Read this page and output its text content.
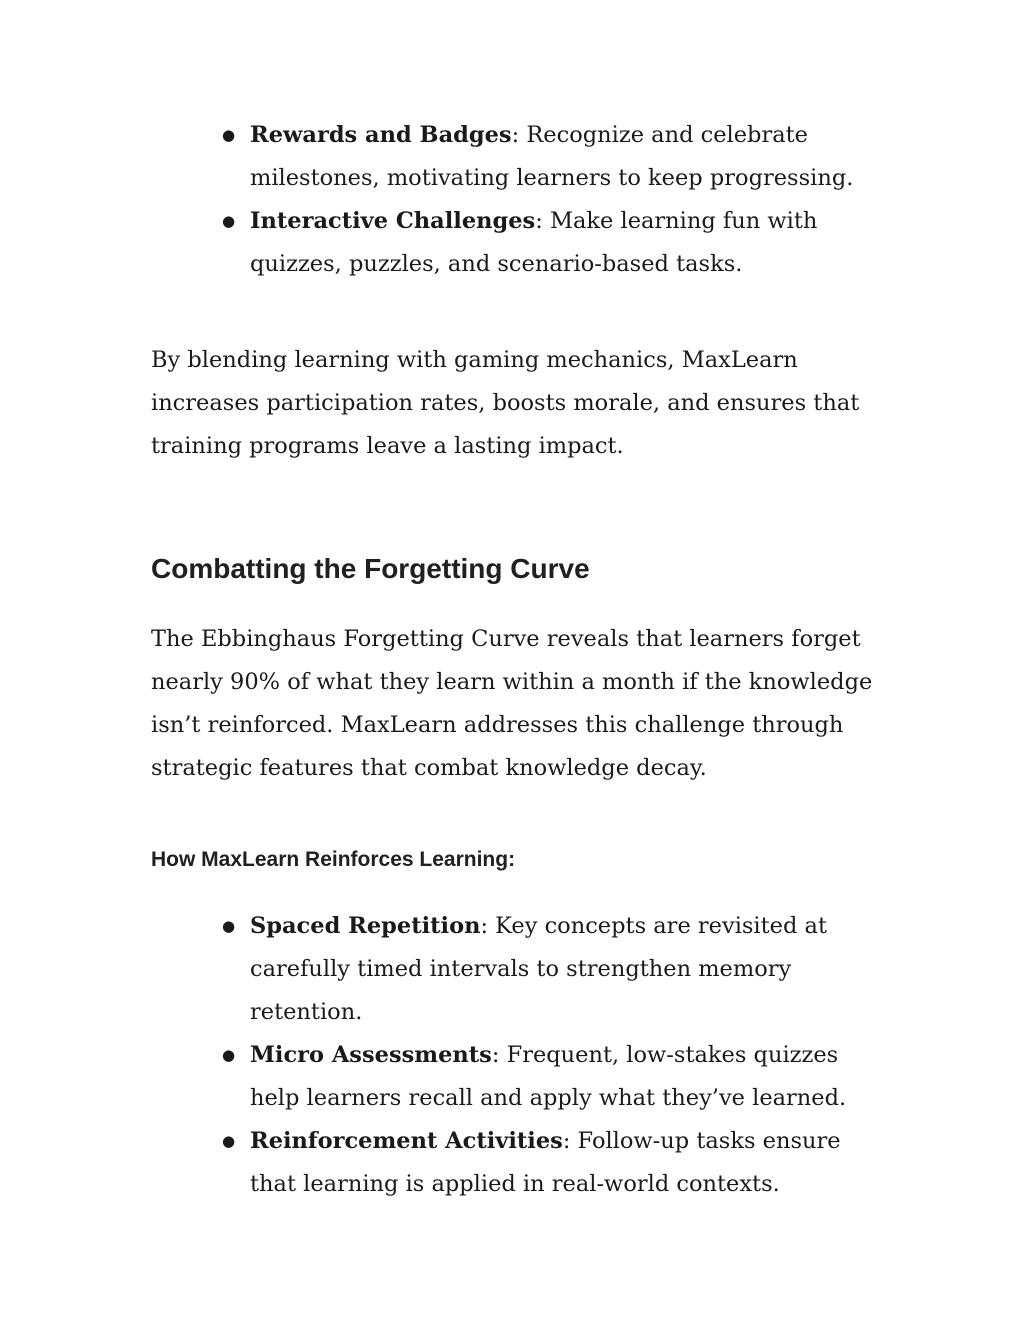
● Rewards and Badges: Recognize and celebrate milestones, motivating learners to keep progressing.
● Interactive Challenges: Make learning fun with quizzes, puzzles, and scenario-based tasks.

By blending learning with gaming mechanics, MaxLearn increases participation rates, boosts morale, and ensures that training programs leave a lasting impact.

Combatting the Forgetting Curve

The Ebbinghaus Forgetting Curve reveals that learners forget nearly 90% of what they learn within a month if the knowledge isn’t reinforced. MaxLearn addresses this challenge through strategic features that combat knowledge decay.

How MaxLearn Reinforces Learning:
● Spaced Repetition: Key concepts are revisited at carefully timed intervals to strengthen memory retention.
● Micro Assessments: Frequent, low-stakes quizzes help learners recall and apply what they’ve learned.
● Reinforcement Activities: Follow-up tasks ensure that learning is applied in real-world contexts.
